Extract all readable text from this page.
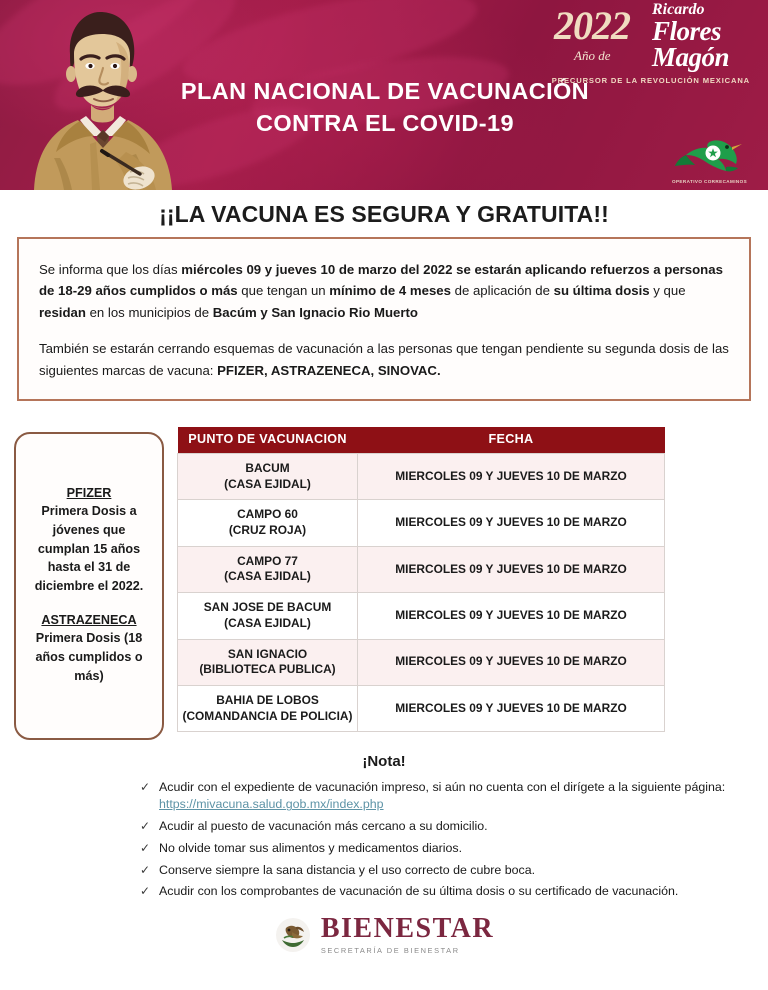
PLAN NACIONAL DE VACUNACIÓN
CONTRA EL COVID-19
2022
Año de
Ricardo
Flores
Magón
PRECURSOR DE LA REVOLUCIÓN MEXICANA
OPERATIVO CORRECAMINOS
¡¡LA VACUNA ES SEGURA Y GRATUITA!!

Se informa que los días miércoles 09 y jueves 10 de marzo del 2022 se estarán aplicando refuerzos a personas de 18-29 años cumplidos o más que tengan un mínimo de 4 meses de aplicación de su última dosis y que residan en los municipios de Bacúm y San Ignacio Rio Muerto

También se estarán cerrando esquemas de vacunación a las personas que tengan pendiente su segunda dosis de las siguientes marcas de vacuna: PFIZER, ASTRAZENECA, SINOVAC.

PFIZER
Primera Dosis a jóvenes que cumplan 15 años hasta el 31 de diciembre el 2022.
ASTRAZENECA
Primera Dosis (18 años cumplidos o más)
PUNTO DE VACUNACION	FECHA
BACUM
(CASA EJIDAL)	MIERCOLES 09 Y JUEVES 10 DE MARZO
CAMPO 60
(CRUZ ROJA)	MIERCOLES 09 Y JUEVES 10 DE MARZO
CAMPO 77
(CASA EJIDAL)	MIERCOLES 09 Y JUEVES 10 DE MARZO
SAN JOSE DE BACUM
(CASA EJIDAL)	MIERCOLES 09 Y JUEVES 10 DE MARZO
SAN IGNACIO
(BIBLIOTECA PUBLICA)	MIERCOLES 09 Y JUEVES 10 DE MARZO
BAHIA DE LOBOS
(COMANDANCIA DE POLICIA)	MIERCOLES 09 Y JUEVES 10 DE MARZO
¡Nota!
✓ Acudir con el expediente de vacunación impreso, si aún no cuenta con el dirígete a la siguiente página:
https://mivacuna.salud.gob.mx/index.php
✓ Acudir al puesto de vacunación más cercano a su domicilio.
✓ No olvide tomar sus alimentos y medicamentos diarios.
✓ Conserve siempre la sana distancia y el uso correcto de cubre boca.
✓ Acudir con los comprobantes de vacunación de su última dosis o su certificado de vacunación.
BIENESTAR
SECRETARÍA DE BIENESTAR
